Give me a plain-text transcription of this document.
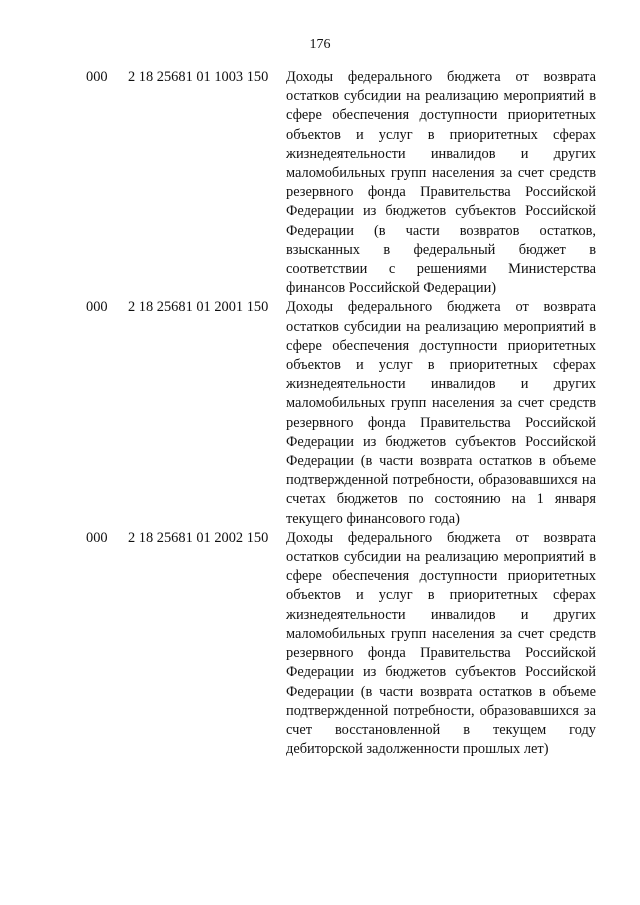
176
000	2 18 25681 01 1003 150	Доходы федерального бюджета от возврата остатков субсидии на реализацию мероприятий в сфере обеспечения доступности приоритетных объектов и услуг в приоритетных сферах жизнедеятельности инвалидов и других маломобильных групп населения за счет средств резервного фонда Правительства Российской Федерации из бюджетов субъектов Российской Федерации (в части возвратов остатков, взысканных в федеральный бюджет в соответствии с решениями Министерства финансов Российской Федерации)
000	2 18 25681 01 2001 150	Доходы федерального бюджета от возврата остатков субсидии на реализацию мероприятий в сфере обеспечения доступности приоритетных объектов и услуг в приоритетных сферах жизнедеятельности инвалидов и других маломобильных групп населения за счет средств резервного фонда Правительства Российской Федерации из бюджетов субъектов Российской Федерации (в части возврата остатков в объеме подтвержденной потребности, образовавшихся на счетах бюджетов по состоянию на 1 января текущего финансового года)
000	2 18 25681 01 2002 150	Доходы федерального бюджета от возврата остатков субсидии на реализацию мероприятий в сфере обеспечения доступности приоритетных объектов и услуг в приоритетных сферах жизнедеятельности инвалидов и других маломобильных групп населения за счет средств резервного фонда Правительства Российской Федерации из бюджетов субъектов Российской Федерации (в части возврата остатков в объеме подтвержденной потребности, образовавшихся за счет восстановленной в текущем году дебиторской задолженности прошлых лет)
